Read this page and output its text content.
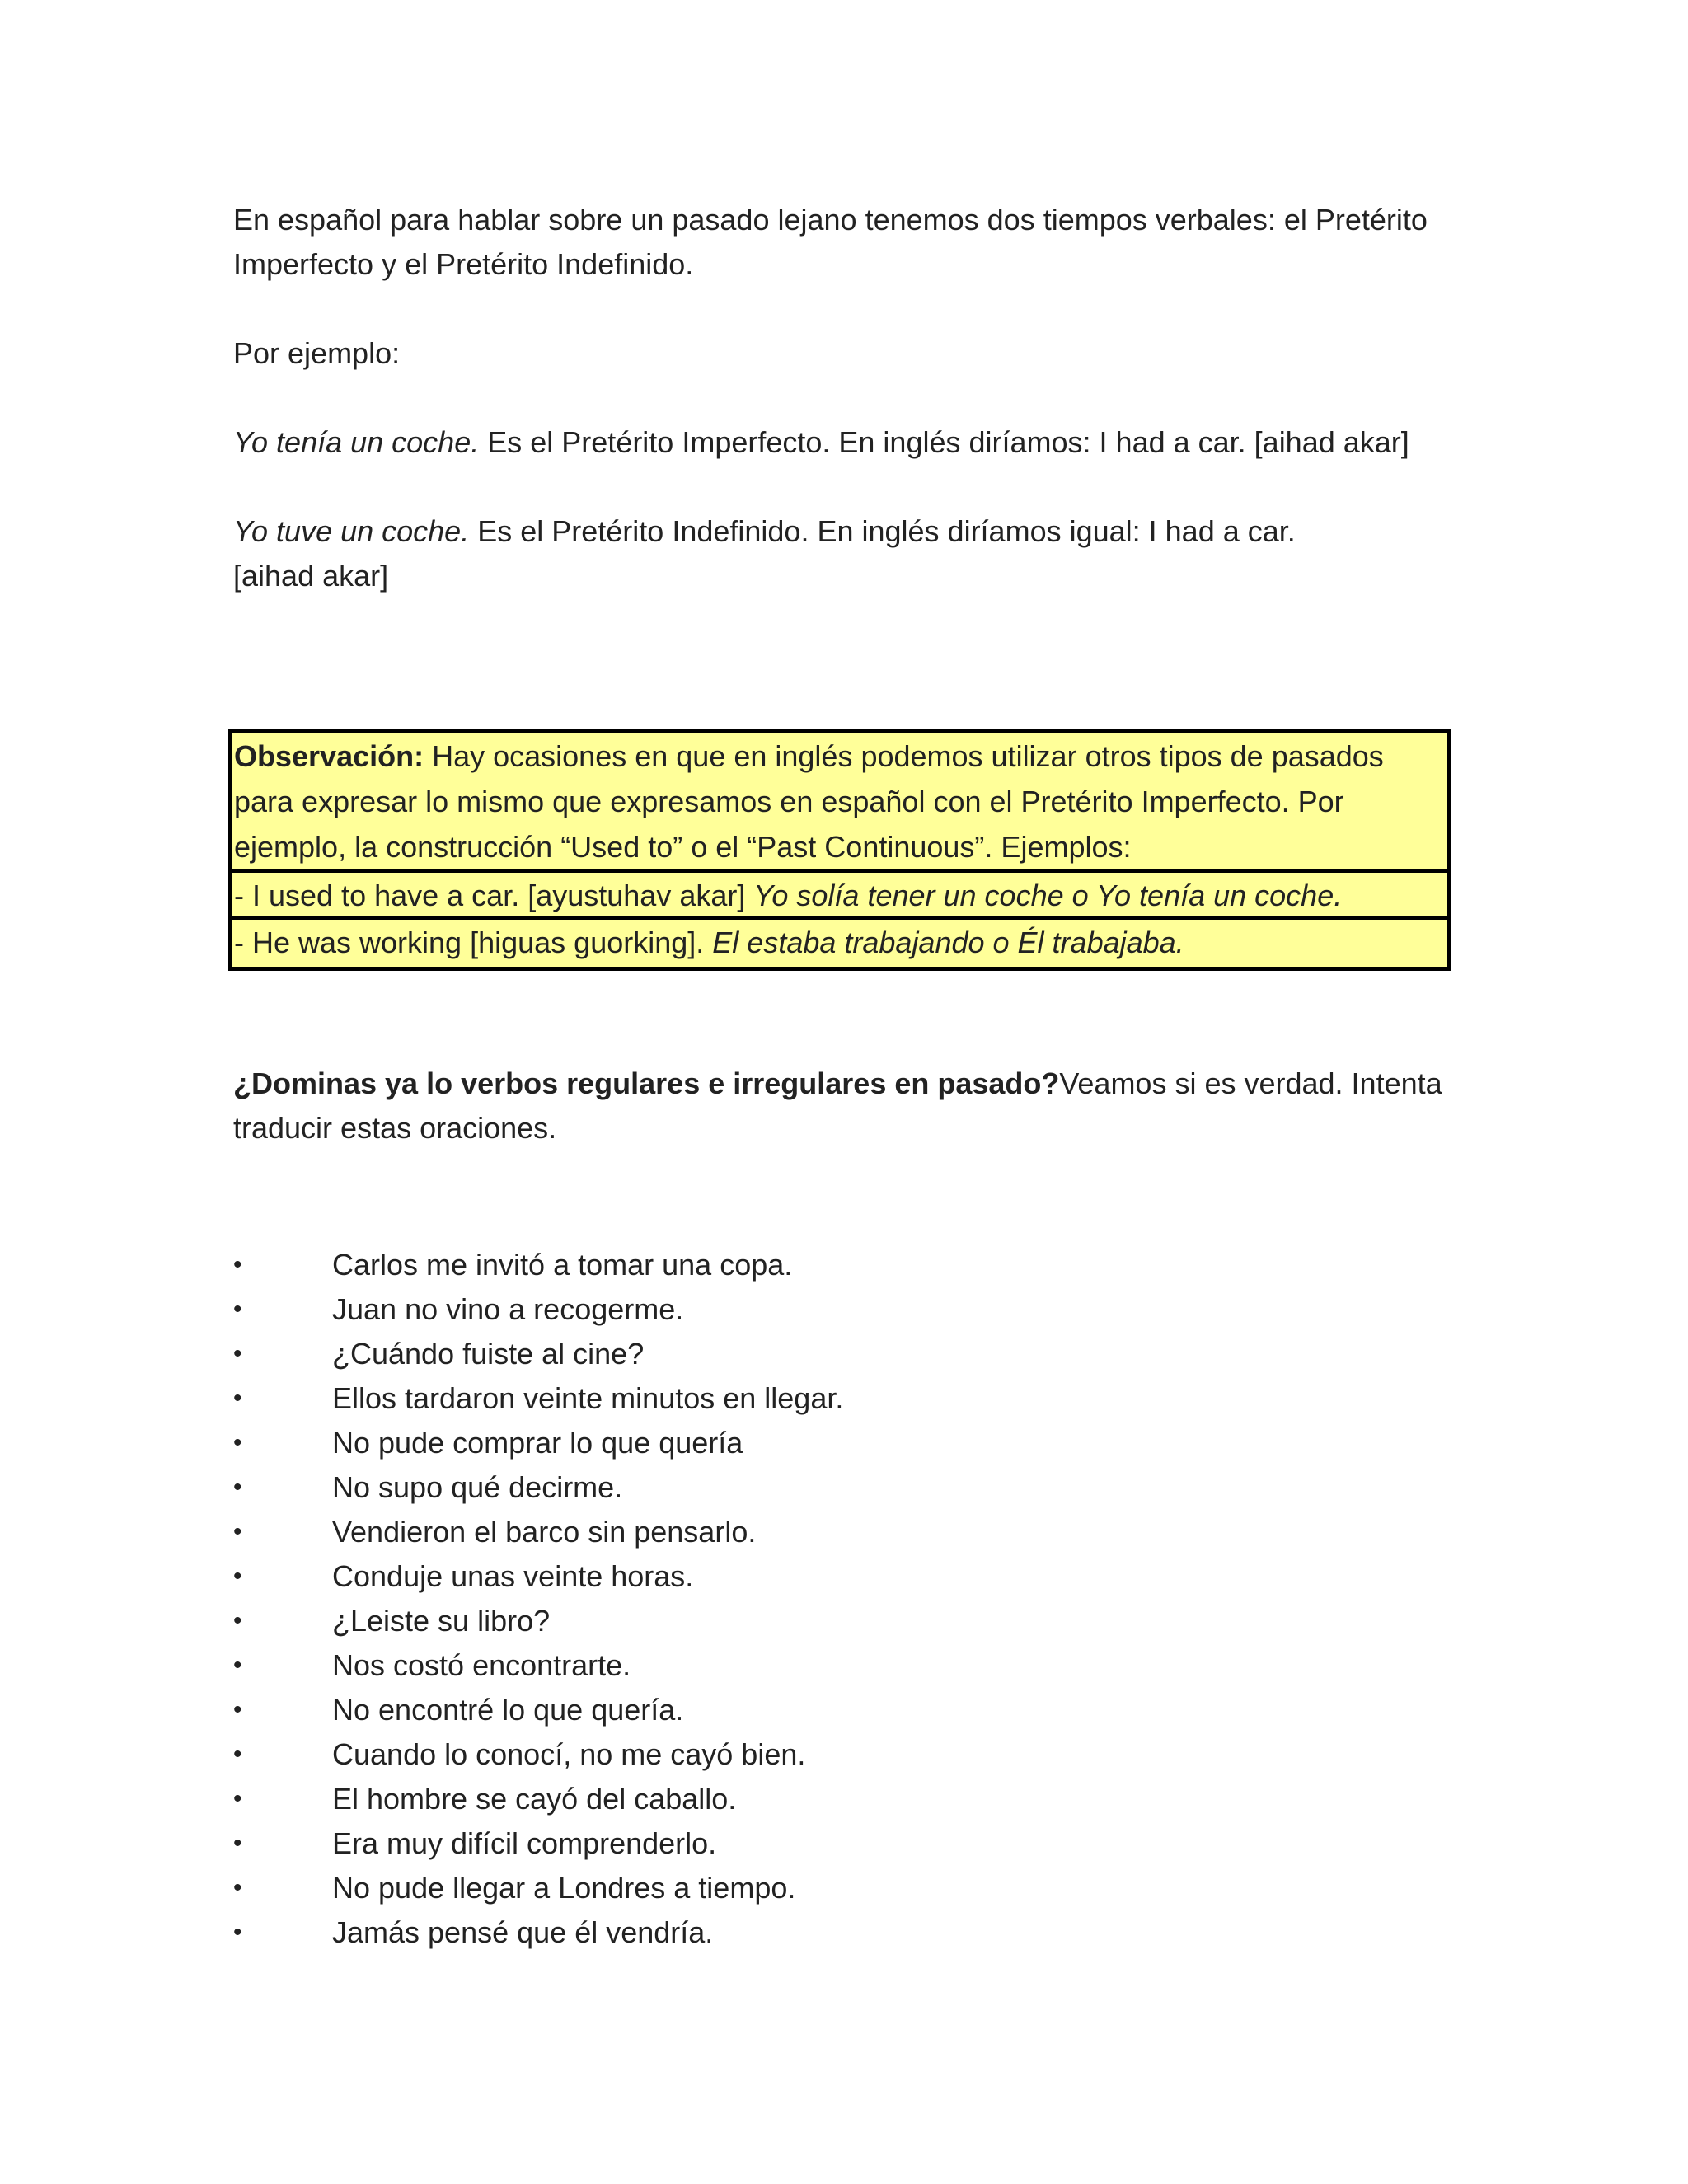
En español para hablar sobre un pasado lejano tenemos dos tiempos verbales: el Pretérito Imperfecto y el Pretérito Indefinido.

Por ejemplo:

Yo tenía un coche. Es el Pretérito Imperfecto. En inglés diríamos: I had a car. [aihad akar]

Yo tuve un coche. Es el Pretérito Indefinido. En inglés diríamos igual: I had a car.[aihad akar]

Observación: Hay ocasiones en que en inglés podemos utilizar otros tipos de pasados para expresar lo mismo que expresamos en español con el Pretérito Imperfecto. Por ejemplo, la construcción “Used to” o el “Past Continuous”. Ejemplos:
- I used to have a car. [ayustuhav akar] Yo solía tener un coche o Yo tenía un coche.
- He was working [higuas guorking]. El estaba trabajando o Él trabajaba.

¿Dominas ya lo verbos regulares e irregulares en pasado?Veamos si es verdad. Intenta traducir estas oraciones.

•	Carlos me invitó a tomar una copa.
•	Juan no vino a recogerme.
•	¿Cuándo fuiste al cine?
•	Ellos tardaron veinte minutos en llegar.
•	No pude comprar lo que quería
•	No supo qué decirme.
•	Vendieron el barco sin pensarlo.
•	Conduje unas veinte horas.
•	¿Leiste su libro?
•	Nos costó encontrarte.
•	No encontré lo que quería.
•	Cuando lo conocí, no me cayó bien.
•	El hombre se cayó del caballo.
•	Era muy difícil comprenderlo.
•	No pude llegar a Londres a tiempo.
•	Jamás pensé que él vendría.
